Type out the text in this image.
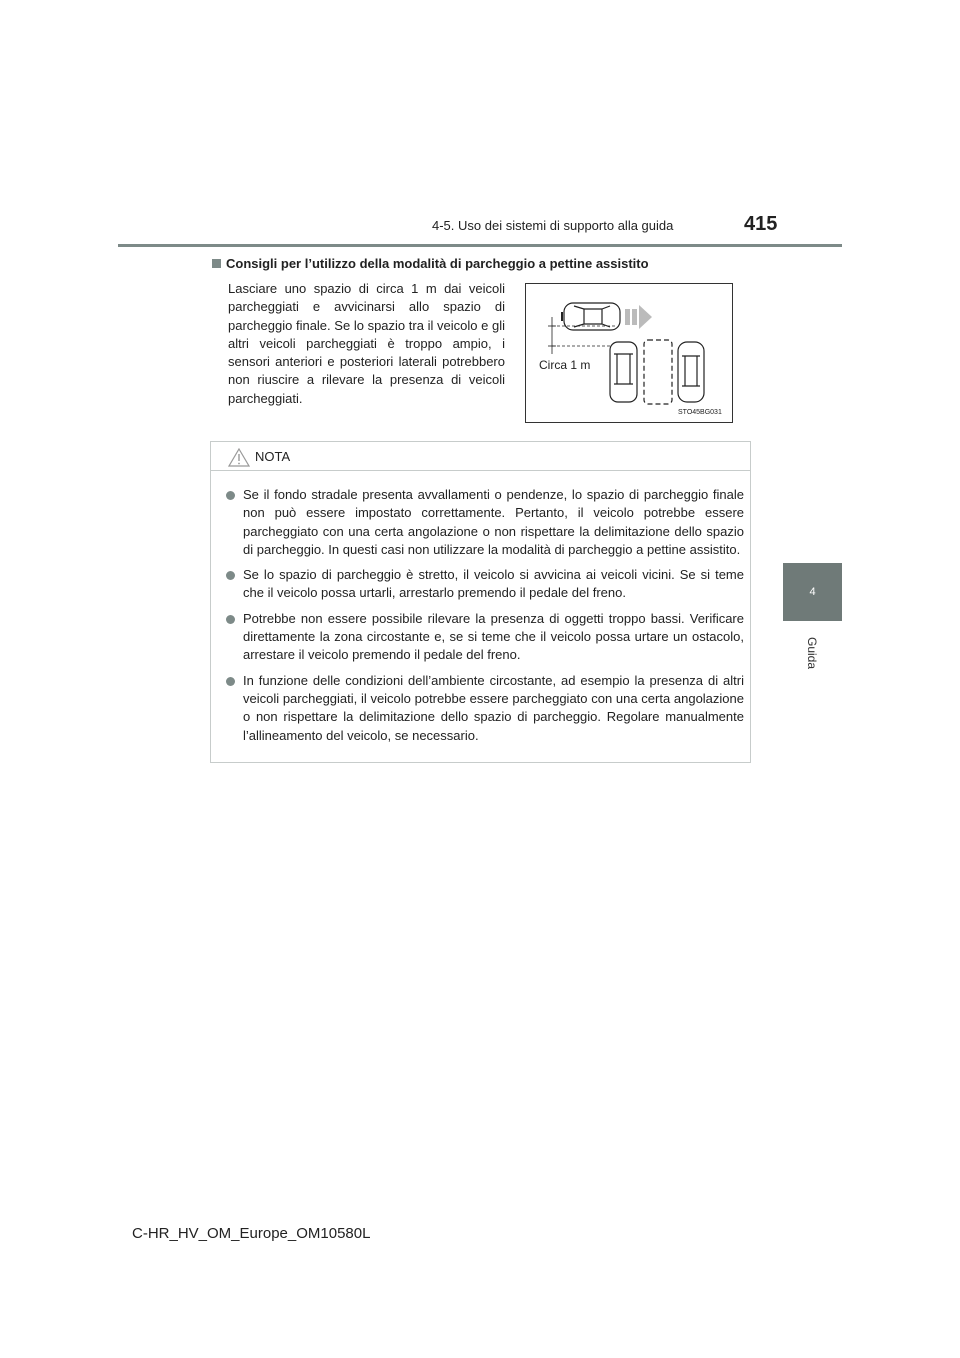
4-5. Uso dei sistemi di supporto alla guida	415
4
Guida
Consigli per l’utilizzo della modalità di parcheggio a pettine assistito
Lasciare uno spazio di circa 1 m dai veicoli parcheggiati e avvicinarsi allo spazio di parcheggio finale. Se lo spazio tra il veicolo e gli altri veicoli parcheggiati è troppo ampio, i sensori anteriori e posteriori laterali potrebbero non riuscire a rilevare la presenza di veicoli parcheggiati.
Circa 1 m
STO45BG031
NOTA
Se il fondo stradale presenta avvallamenti o pendenze, lo spazio di parcheggio finale non può essere impostato correttamente. Pertanto, il veicolo potrebbe essere parcheggiato con una certa angolazione o non rispettare la delimitazione dello spazio di parcheggio. In questi casi non utilizzare la modalità di parcheggio a pettine assistito.
Se lo spazio di parcheggio è stretto, il veicolo si avvicina ai veicoli vicini. Se si teme che il veicolo possa urtarli, arrestarlo premendo il pedale del freno.
Potrebbe non essere possibile rilevare la presenza di oggetti troppo bassi. Verificare direttamente la zona circostante e, se si teme che il veicolo possa urtare un ostacolo, arrestare il veicolo premendo il pedale del freno.
In funzione delle condizioni dell’ambiente circostante, ad esempio la presenza di altri veicoli parcheggiati, il veicolo potrebbe essere parcheggiato con una certa angolazione o non rispettare la delimitazione dello spazio di parcheggio. Regolare manualmente l’allineamento del veicolo, se necessario.
C-HR_HV_OM_Europe_OM10580L
